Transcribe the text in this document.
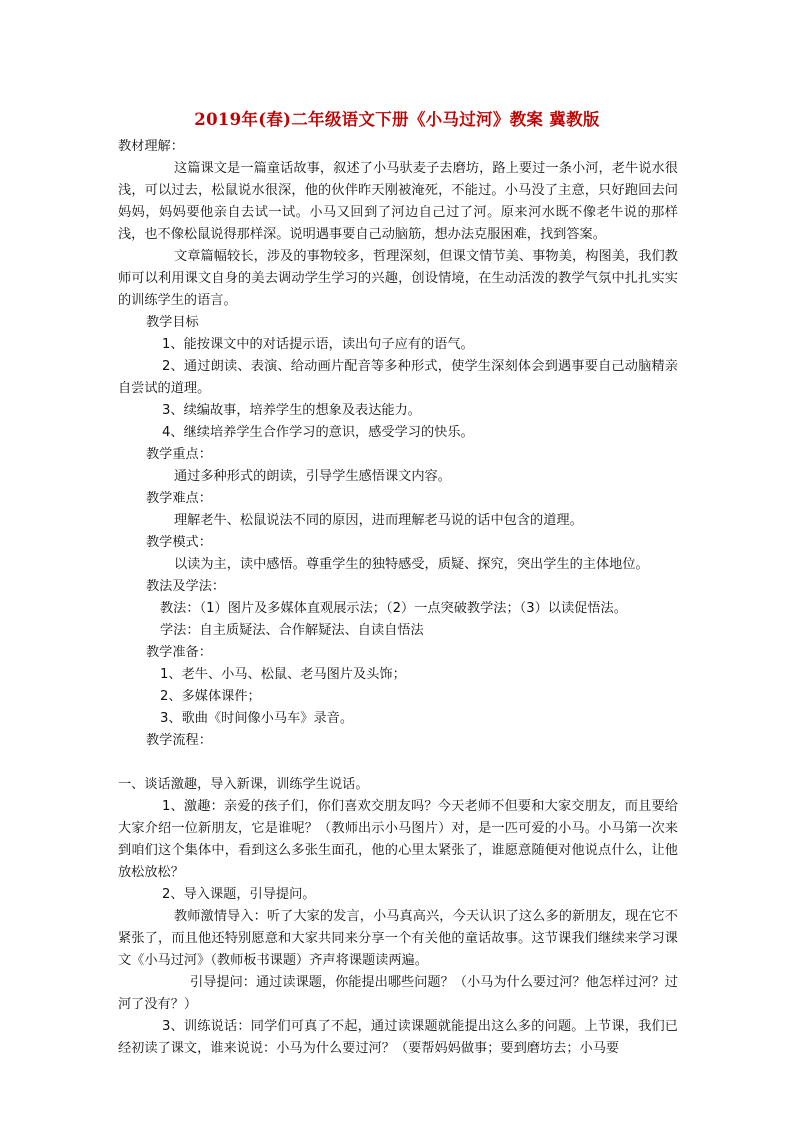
2019年(春)二年级语文下册《小马过河》教案 冀教版

教材理解：

这篇课文是一篇童话故事，叙述了小马驮麦子去磨坊，路上要过一条小河，老牛说水很浅，可以过去，松鼠说水很深，他的伙伴昨天刚被淹死，不能过。小马没了主意，只好跑回去问妈妈，妈妈要他亲自去试一试。小马又回到了河边自己过了河。原来河水既不像老牛说的那样浅，也不像松鼠说得那样深。说明遇事要自己动脑筋，想办法克服困难，找到答案。

文章篇幅较长，涉及的事物较多，哲理深刻，但课文情节美、事物美，构图美，我们教师可以利用课文自身的美去调动学生学习的兴趣，创设情境，在生动活泼的教学气氛中扎扎实实的训练学生的语言。

教学目标

1、能按课文中的对话提示语，读出句子应有的语气。

2、通过朗读、表演、给动画片配音等多种形式，使学生深刻体会到遇事要自己动脑精亲自尝试的道理。

3、续编故事，培养学生的想象及表达能力。

4、继续培养学生合作学习的意识，感受学习的快乐。

教学重点：

通过多种形式的朗读，引导学生感悟课文内容。

教学难点：

理解老牛、松鼠说法不同的原因，进而理解老马说的话中包含的道理。

教学模式：

以读为主，读中感悟。尊重学生的独特感受，质疑、探究，突出学生的主体地位。

教法及学法：

教法：（1）图片及多媒体直观展示法；（2）一点突破教学法；（3）以读促悟法。

学法：自主质疑法、合作解疑法、自读自悟法

教学准备：

1、老牛、小马、松鼠、老马图片及头饰；

2、多媒体课件；

3、歌曲《时间像小马车》录音。

教学流程：

一、谈话激趣，导入新课，训练学生说话。

1、激趣：亲爱的孩子们，你们喜欢交朋友吗？今天老师不但要和大家交朋友，而且要给大家介绍一位新朋友，它是谁呢？（教师出示小马图片）对，是一匹可爱的小马。小马第一次来到咱们这个集体中，看到这么多张生面孔，他的心里太紧张了，谁愿意随便对他说点什么，让他放松放松？

2、导入课题，引导提问。

教师激情导入：听了大家的发言，小马真高兴，今天认识了这么多的新朋友，现在它不紧张了，而且他还特别愿意和大家共同来分享一个有关他的童话故事。这节课我们继续来学习课文《小马过河》（教师板书课题）齐声将课题读两遍。

引导提问：通过读课题，你能提出哪些问题？（小马为什么要过河？他怎样过河？过河了没有？）

3、训练说话：同学们可真了不起，通过读课题就能提出这么多的问题。上节课，我们已经初读了课文，谁来说说：小马为什么要过河？（要帮妈妈做事；要到磨坊去；小马要
